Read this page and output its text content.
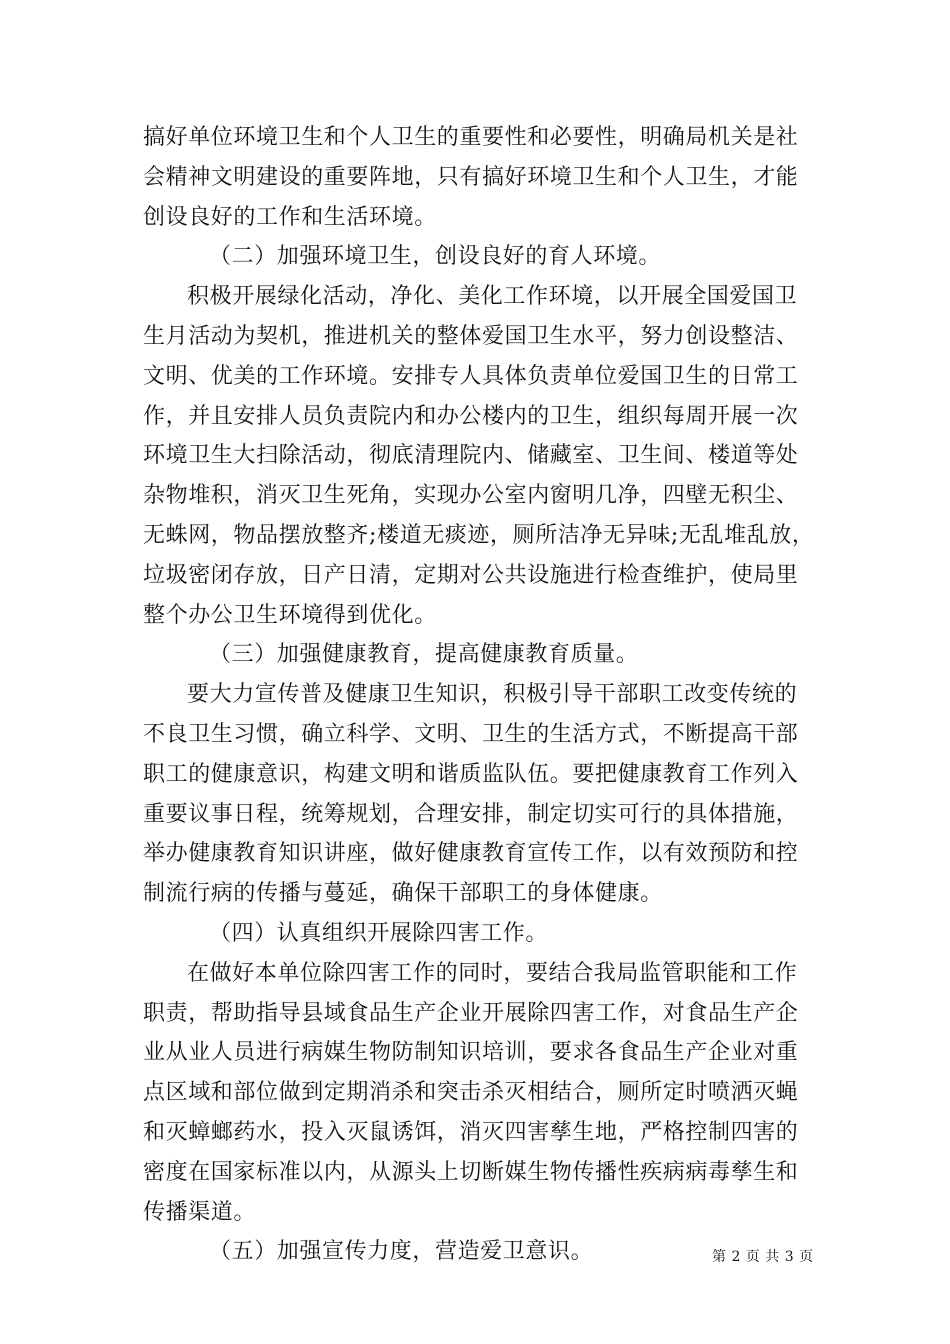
搞好单位环境卫生和个人卫生的重要性和必要性，明确局机关是社
会精神文明建设的重要阵地，只有搞好环境卫生和个人卫生，才能
创设良好的工作和生活环境。
（二）加强环境卫生，创设良好的育人环境。
积极开展绿化活动，净化、美化工作环境，以开展全国爱国卫
生月活动为契机，推进机关的整体爱国卫生水平，努力创设整洁、
文明、优美的工作环境。安排专人具体负责单位爱国卫生的日常工
作，并且安排人员负责院内和办公楼内的卫生，组织每周开展一次
环境卫生大扫除活动，彻底清理院内、储藏室、卫生间、楼道等处
杂物堆积，消灭卫生死角，实现办公室内窗明几净，四壁无积尘、
无蛛网，物品摆放整齐;楼道无痰迹，厕所洁净无异味;无乱堆乱放，
垃圾密闭存放，日产日清，定期对公共设施进行检查维护，使局里
整个办公卫生环境得到优化。
（三）加强健康教育，提高健康教育质量。
要大力宣传普及健康卫生知识，积极引导干部职工改变传统的
不良卫生习惯，确立科学、文明、卫生的生活方式，不断提高干部
职工的健康意识，构建文明和谐质监队伍。要把健康教育工作列入
重要议事日程，统筹规划，合理安排，制定切实可行的具体措施，
举办健康教育知识讲座，做好健康教育宣传工作，以有效预防和控
制流行病的传播与蔓延，确保干部职工的身体健康。
（四）认真组织开展除四害工作。
在做好本单位除四害工作的同时，要结合我局监管职能和工作
职责，帮助指导县域食品生产企业开展除四害工作，对食品生产企
业从业人员进行病媒生物防制知识培训，要求各食品生产企业对重
点区域和部位做到定期消杀和突击杀灭相结合，厕所定时喷洒灭蝇
和灭蟑螂药水，投入灭鼠诱饵，消灭四害孳生地，严格控制四害的
密度在国家标准以内，从源头上切断媒生物传播性疾病病毒孳生和
传播渠道。
（五）加强宣传力度，营造爱卫意识。	第 2 页 共 3 页
